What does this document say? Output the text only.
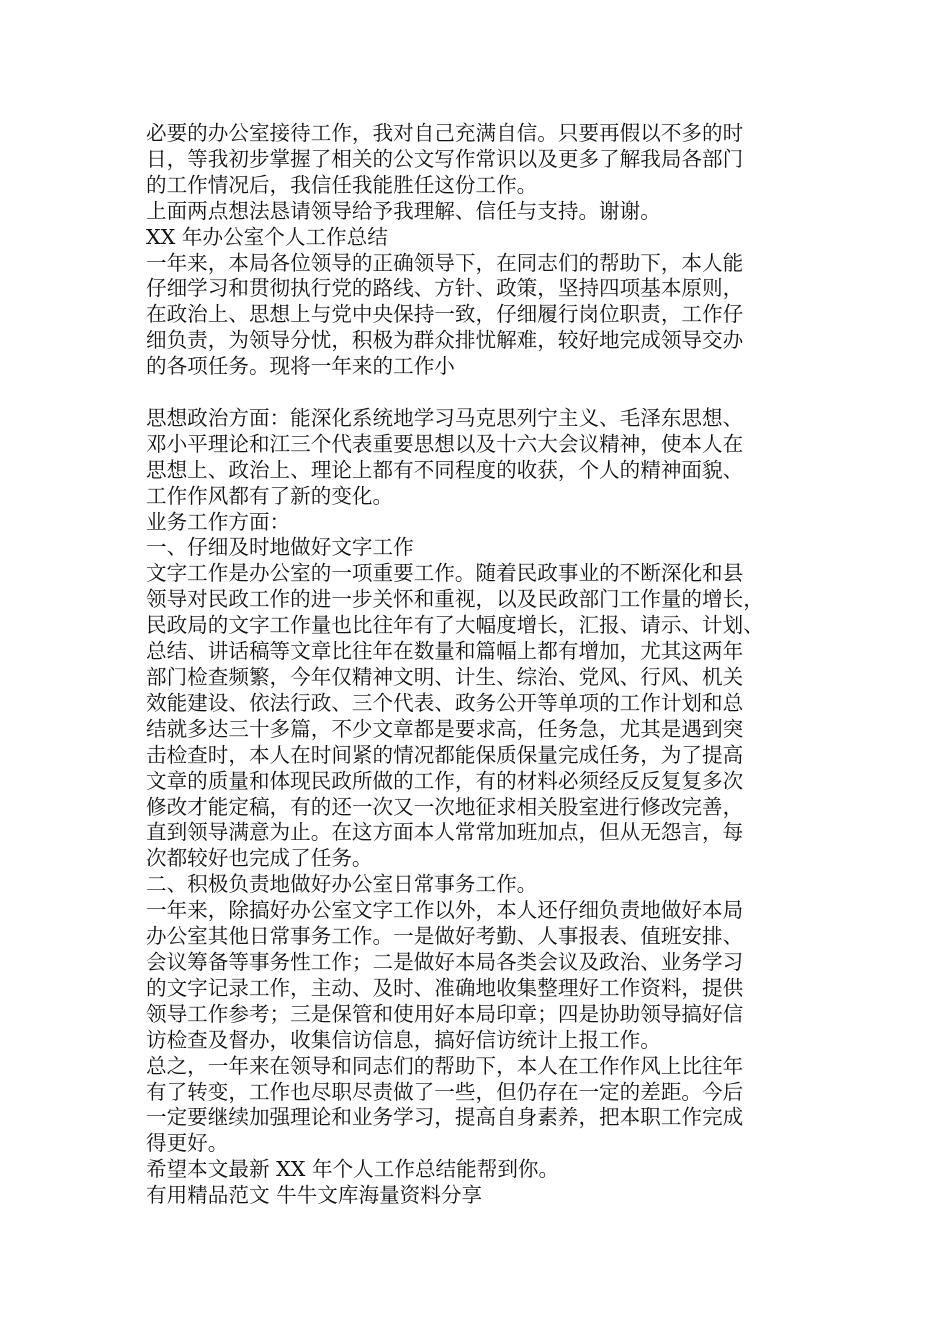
必要的办公室接待工作，我对自己充满自信。只要再假以不多的时

日，等我初步掌握了相关的公文写作常识以及更多了解我局各部门

的工作情况后，我信任我能胜任这份工作。

上面两点想法恳请领导给予我理解、信任与支持。谢谢。

XX 年办公室个人工作总结

一年来，本局各位领导的正确领导下，在同志们的帮助下，本人能

仔细学习和贯彻执行党的路线、方针、政策，坚持四项基本原则，

在政治上、思想上与党中央保持一致，仔细履行岗位职责，工作仔

细负责，为领导分忧，积极为群众排忧解难，较好地完成领导交办

的各项任务。现将一年来的工作小

思想政治方面：能深化系统地学习马克思列宁主义、毛泽东思想、

邓小平理论和江三个代表重要思想以及十六大会议精神，使本人在

思想上、政治上、理论上都有不同程度的收获，个人的精神面貌、

工作作风都有了新的变化。

业务工作方面：

一、仔细及时地做好文字工作

文字工作是办公室的一项重要工作。随着民政事业的不断深化和县

领导对民政工作的进一步关怀和重视，以及民政部门工作量的增长，

民政局的文字工作量也比往年有了大幅度增长，汇报、请示、计划、

总结、讲话稿等文章比往年在数量和篇幅上都有增加，尤其这两年

部门检查频繁，今年仅精神文明、计生、综治、党风、行风、机关

效能建设、依法行政、三个代表、政务公开等单项的工作计划和总

结就多达三十多篇，不少文章都是要求高，任务急，尤其是遇到突

击检查时，本人在时间紧的情况都能保质保量完成任务，为了提高

文章的质量和体现民政所做的工作，有的材料必须经反反复复多次

修改才能定稿，有的还一次又一次地征求相关股室进行修改完善，

直到领导满意为止。在这方面本人常常加班加点，但从无怨言，每

次都较好也完成了任务。

二、积极负责地做好办公室日常事务工作。

一年来，除搞好办公室文字工作以外，本人还仔细负责地做好本局

办公室其他日常事务工作。一是做好考勤、人事报表、值班安排、

会议筹备等事务性工作；二是做好本局各类会议及政治、业务学习

的文字记录工作，主动、及时、准确地收集整理好工作资料，提供

领导工作参考；三是保管和使用好本局印章；四是协助领导搞好信

访检查及督办，收集信访信息，搞好信访统计上报工作。

总之，一年来在领导和同志们的帮助下，本人在工作作风上比往年

有了转变，工作也尽职尽责做了一些，但仍存在一定的差距。今后

一定要继续加强理论和业务学习，提高自身素养，把本职工作完成

得更好。

希望本文最新 XX 年个人工作总结能帮到你。

有用精品范文 牛牛文库海量资料分享
